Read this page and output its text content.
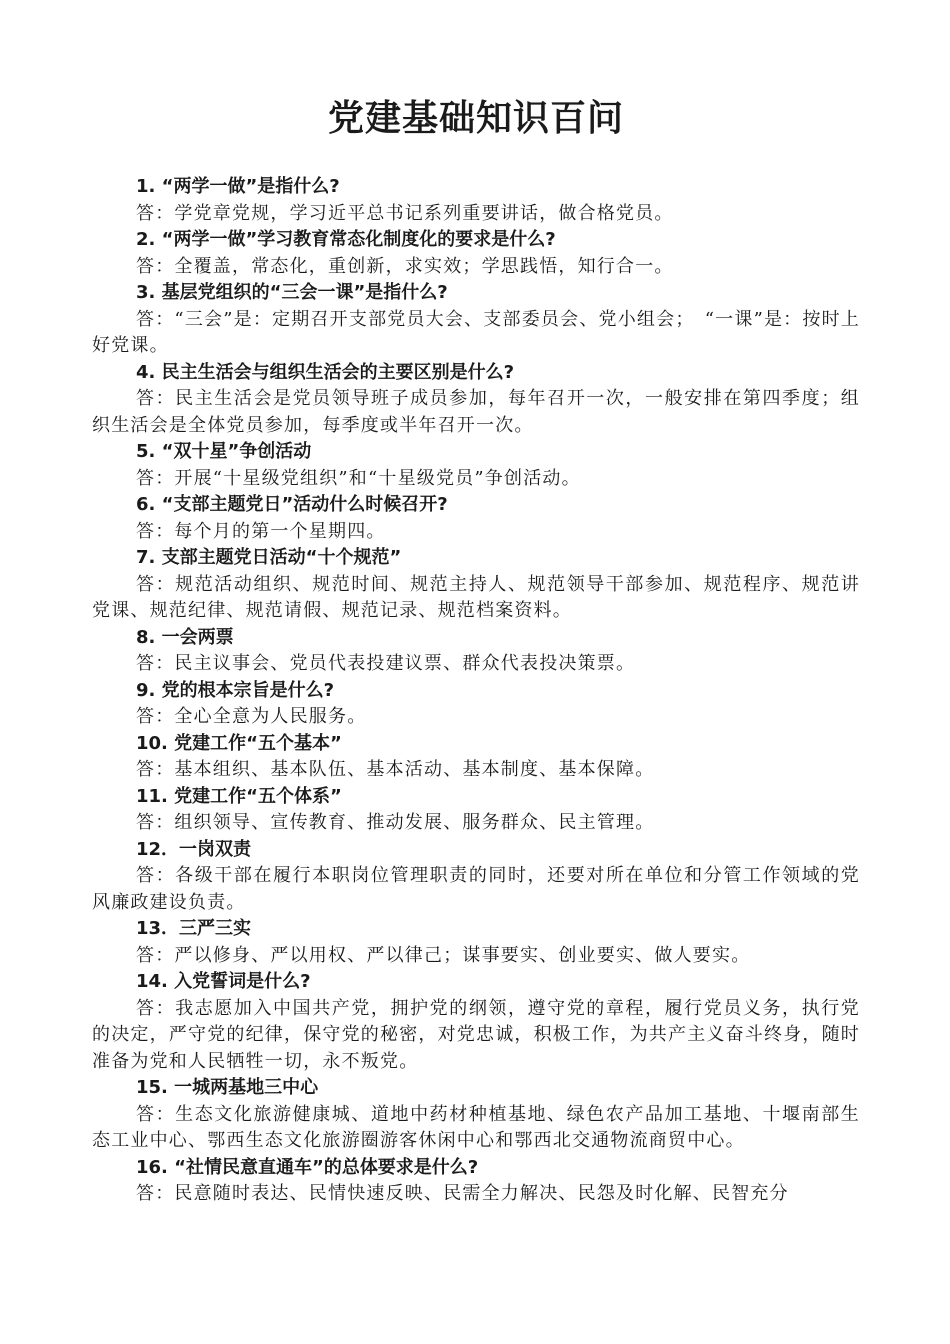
党建基础知识百问

1. “两学一做”是指什么?

答：学党章党规，学习近平总书记系列重要讲话，做合格党员。

2. “两学一做”学习教育常态化制度化的要求是什么?

答：全覆盖，常态化，重创新，求实效；学思践悟，知行合一。

3. 基层党组织的“三会一课”是指什么?

答：“三会”是：定期召开支部党员大会、支部委员会、党小组会；　“一课”是：按时上好党课。

4. 民主生活会与组织生活会的主要区别是什么?

答：民主生活会是党员领导班子成员参加，每年召开一次，一般安排在第四季度；组织生活会是全体党员参加，每季度或半年召开一次。

5. “双十星”争创活动

答：开展“十星级党组织”和“十星级党员”争创活动。

6. “支部主题党日”活动什么时候召开?

答：每个月的第一个星期四。

7. 支部主题党日活动“十个规范”

答：规范活动组织、规范时间、规范主持人、规范领导干部参加、规范程序、规范讲党课、规范纪律、规范请假、规范记录、规范档案资料。

8. 一会两票

答：民主议事会、党员代表投建议票、群众代表投决策票。

9. 党的根本宗旨是什么?

答：全心全意为人民服务。

10. 党建工作“五个基本”

答：基本组织、基本队伍、基本活动、基本制度、基本保障。

11. 党建工作“五个体系”

答：组织领导、宣传教育、推动发展、服务群众、民主管理。

12．一岗双责

答：各级干部在履行本职岗位管理职责的同时，还要对所在单位和分管工作领域的党风廉政建设负责。

13．三严三实

答：严以修身、严以用权、严以律己；谋事要实、创业要实、做人要实。

14. 入党誓词是什么?

答：我志愿加入中国共产党，拥护党的纲领，遵守党的章程，履行党员义务，执行党的决定，严守党的纪律，保守党的秘密，对党忠诚，积极工作，为共产主义奋斗终身，随时准备为党和人民牺牲一切，永不叛党。

15. 一城两基地三中心

答：生态文化旅游健康城、道地中药材种植基地、绿色农产品加工基地、十堰南部生态工业中心、鄂西生态文化旅游圈游客休闲中心和鄂西北交通物流商贸中心。

16. “社情民意直通车”的总体要求是什么?

答：民意随时表达、民情快速反映、民需全力解决、民怨及时化解、民智充分
